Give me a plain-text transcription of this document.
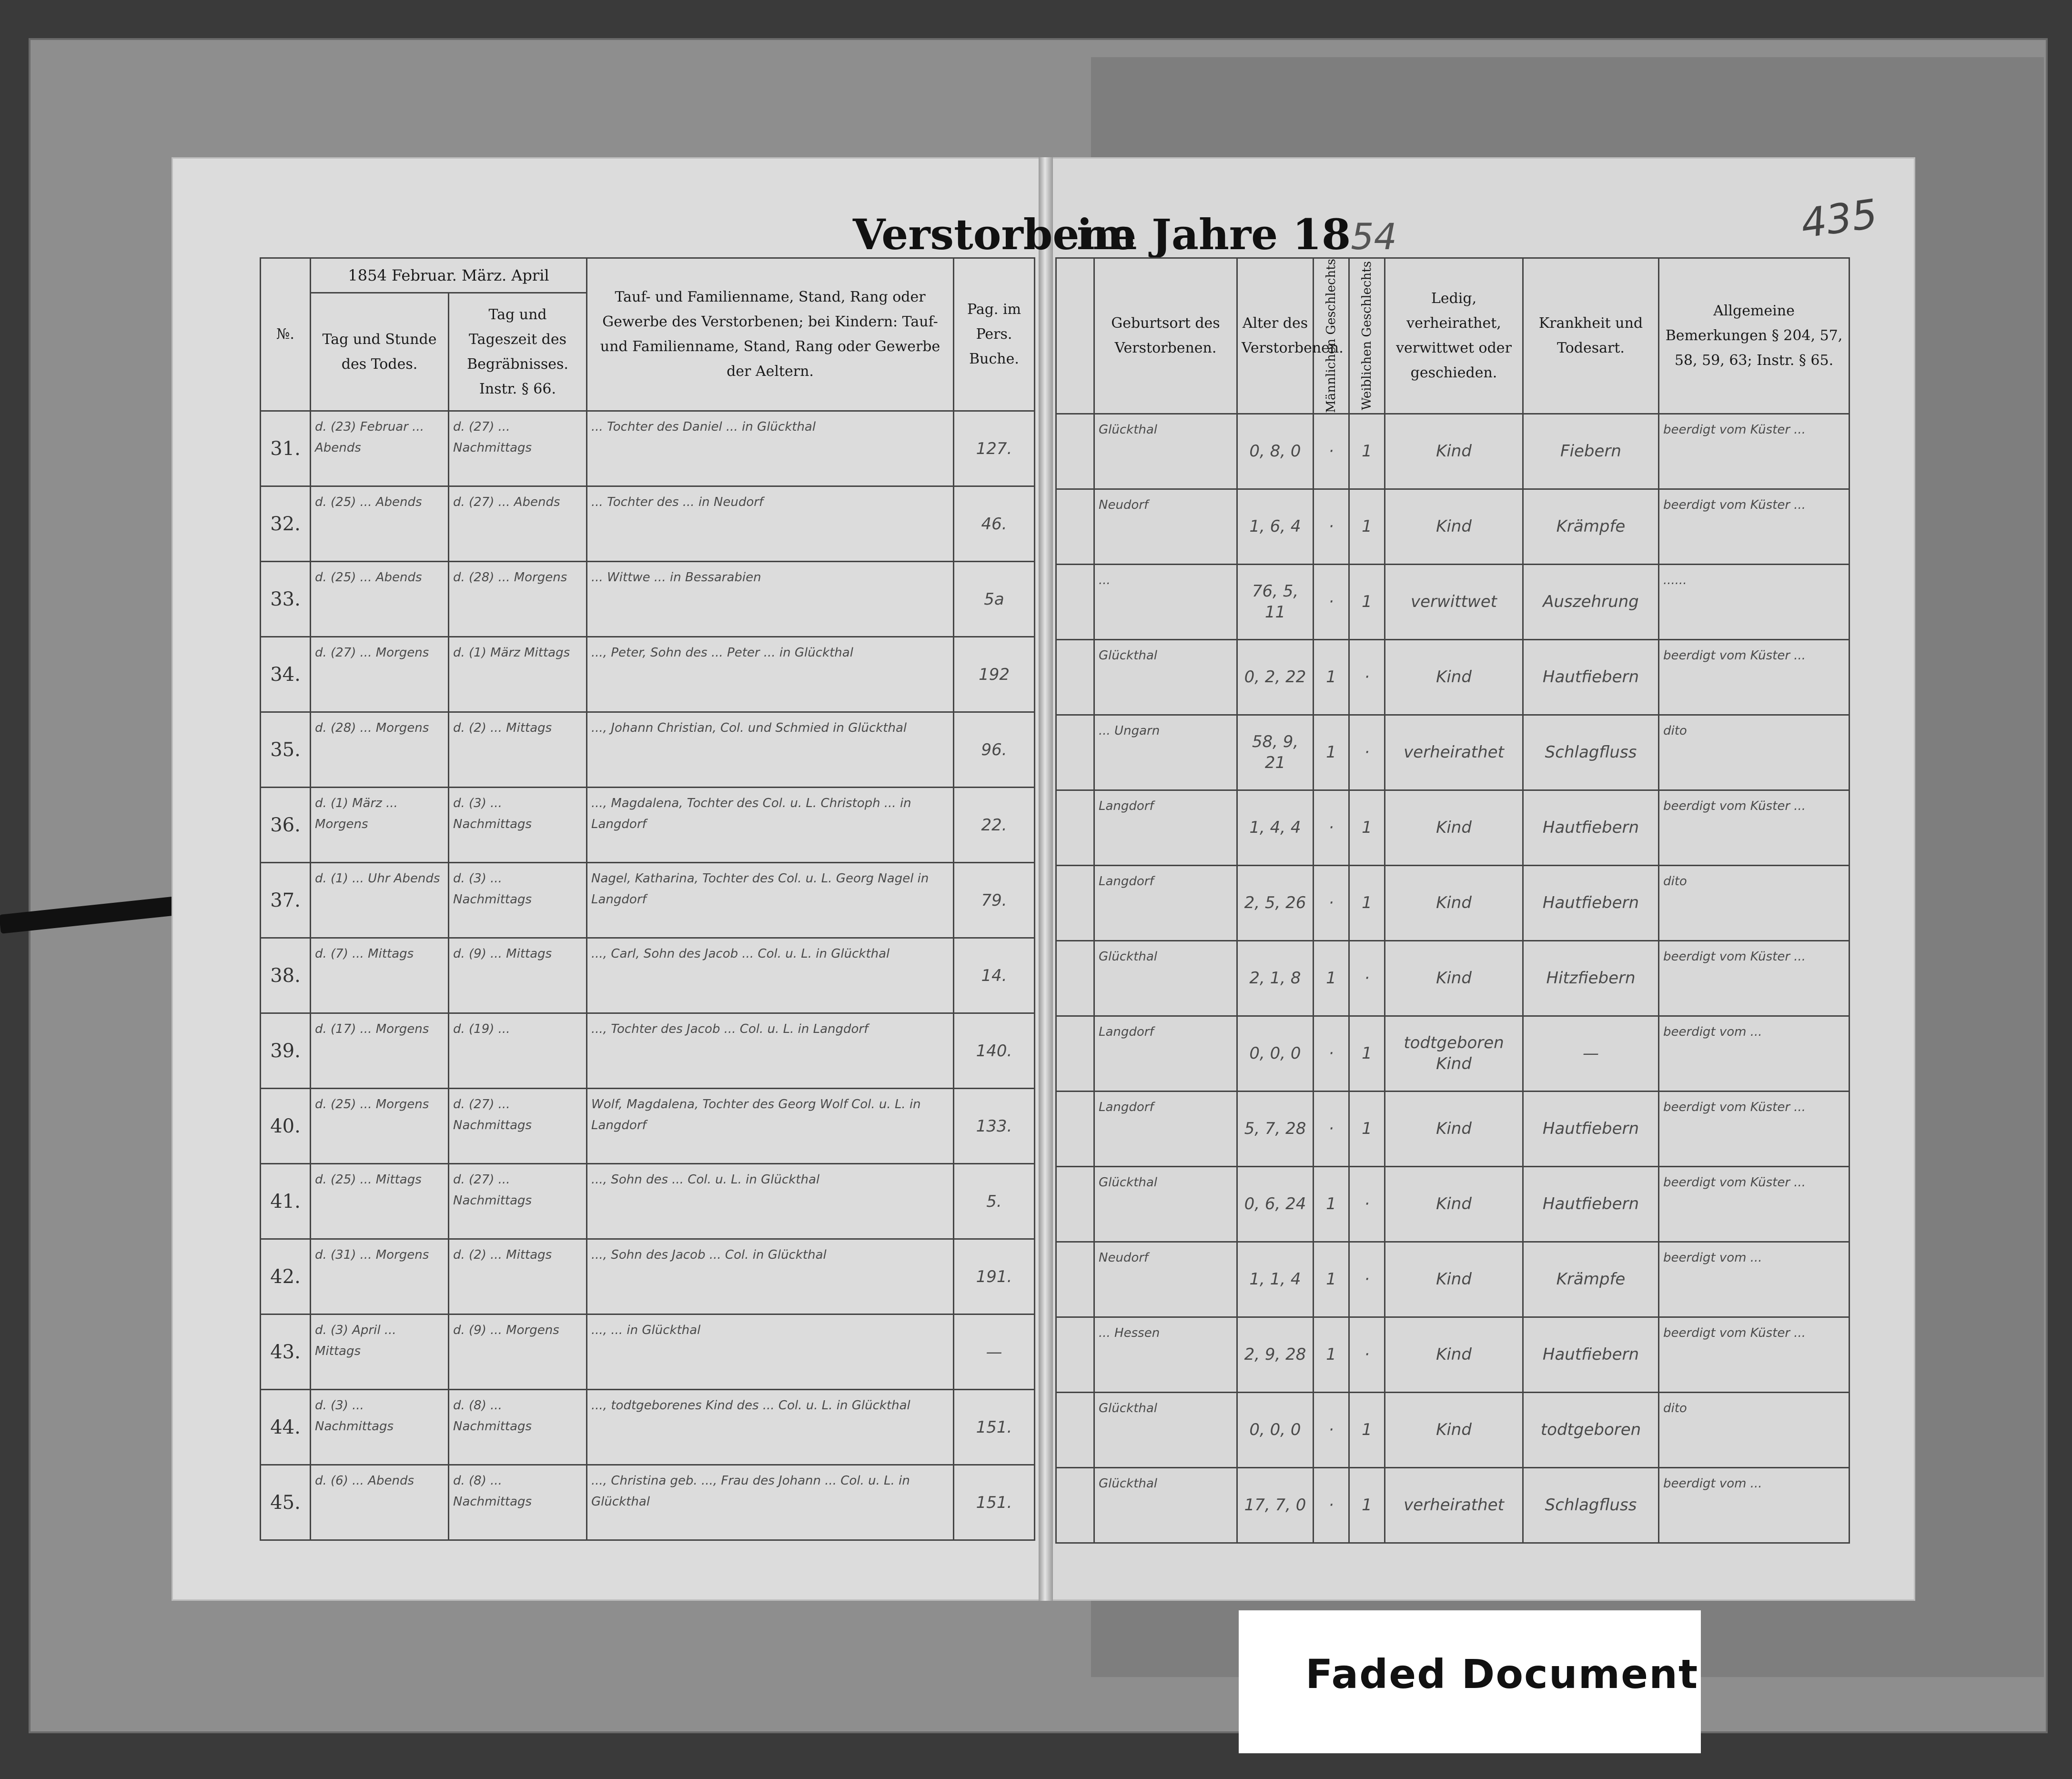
Verstorbene
im Jahre 1854	435
№.	1854 Februar. März. April
Tag und Stunde des Todes.
Tag und Tageszeit des Begräbnisses. Instr. § 66.		Tauf- und Familienname, Stand, Rang oder Gewerbe des Verstorbenen; bei Kindern: Tauf- und Familienname, Stand, Rang oder Gewerbe der Aeltern.	Pag. im Pers. Buche.
31.	d. (23) Februar ... Abends	d. (27) ... Nachmittags	... Tochter des Daniel ... in Glückthal	127.
32.	d. (25) ... Abends	d. (27) ... Abends	... Tochter des ... in Neudorf	46.
33.	d. (25) ... Abends	d. (28) ... Morgens	... Wittwe ... in Bessarabien	5a
34.	d. (27) ... Morgens	d. (1) März Mittags	..., Peter, Sohn des ... Peter ... in Glückthal	192
35.	d. (28) ... Morgens	d. (2) ... Mittags	..., Johann Christian, Col. und Schmied in Glückthal	96.
36.	d. (1) März ... Morgens	d. (3) ... Nachmittags	..., Magdalena, Tochter des Col. u. L. Christoph ... in Langdorf	22.
37.	d. (1) ... Uhr Abends	d. (3) ... Nachmittags	Nagel, Katharina, Tochter des Col. u. L. Georg Nagel in Langdorf	79.
38.	d. (7) ... Mittags	d. (9) ... Mittags	..., Carl, Sohn des Jacob ... Col. u. L. in Glückthal	14.
39.	d. (17) ... Morgens	d. (19) ...	..., Tochter des Jacob ... Col. u. L. in Langdorf	140.
40.	d. (25) ... Morgens	d. (27) ... Nachmittags	Wolf, Magdalena, Tochter des Georg Wolf Col. u. L. in Langdorf	133.
41.	d. (25) ... Mittags	d. (27) ... Nachmittags	..., Sohn des ... Col. u. L. in Glückthal	5.
42.	d. (31) ... Morgens	d. (2) ... Mittags	..., Sohn des Jacob ... Col. in Glückthal	191.
43.	d. (3) April ... Mittags	d. (9) ... Morgens	..., ... in Glückthal	—
44.	d. (3) ... Nachmittags	d. (8) ... Nachmittags	..., todtgeborenes Kind des ... Col. u. L. in Glückthal	151.
45.	d. (6) ... Abends	d. (8) ... Nachmittags	..., Christina geb. ..., Frau des Johann ... Col. u. L. in Glückthal	151.
	Geburtsort des Verstorbenen.	Alter des Verstorbenen.	Männlichen Geschlechts	Weiblichen Geschlechts	Ledig, verheirathet, verwittwet oder geschieden.	Krankheit und Todesart.	Allgemeine Bemerkungen § 204, 57, 58, 59, 63; Instr. § 65.
	Glückthal	0, 8, 0	·	1	Kind	Fiebern	beerdigt vom Küster ...
	Neudorf	1, 6, 4	·	1	Kind	Krämpfe	beerdigt vom Küster ...
	...	76, 5, 11	·	1	verwittwet	Auszehrung	......
	Glückthal	0, 2, 22	1	·	Kind	Hautfiebern	beerdigt vom Küster ...
	... Ungarn	58, 9, 21	1	·	verheirathet	Schlagfluss	dito
	Langdorf	1, 4, 4	·	1	Kind	Hautfiebern	beerdigt vom Küster ...
	Langdorf	2, 5, 26	·	1	Kind	Hautfiebern	dito
	Glückthal	2, 1, 8	1	·	Kind	Hitzfiebern	beerdigt vom Küster ...
	Langdorf	0, 0, 0	·	1	todtgeboren Kind	—	beerdigt vom ...
	Langdorf	5, 7, 28	·	1	Kind	Hautfiebern	beerdigt vom Küster ...
	Glückthal	0, 6, 24	1	·	Kind	Hautfiebern	beerdigt vom Küster ...
	Neudorf	1, 1, 4	1	·	Kind	Krämpfe	beerdigt vom ...
	... Hessen	2, 9, 28	1	·	Kind	Hautfiebern	beerdigt vom Küster ...
	Glückthal	0, 0, 0	·	1	Kind	todtgeboren	dito
	Glückthal	17, 7, 0	·	1	verheirathet	Schlagfluss	beerdigt vom ...
Faded Document
